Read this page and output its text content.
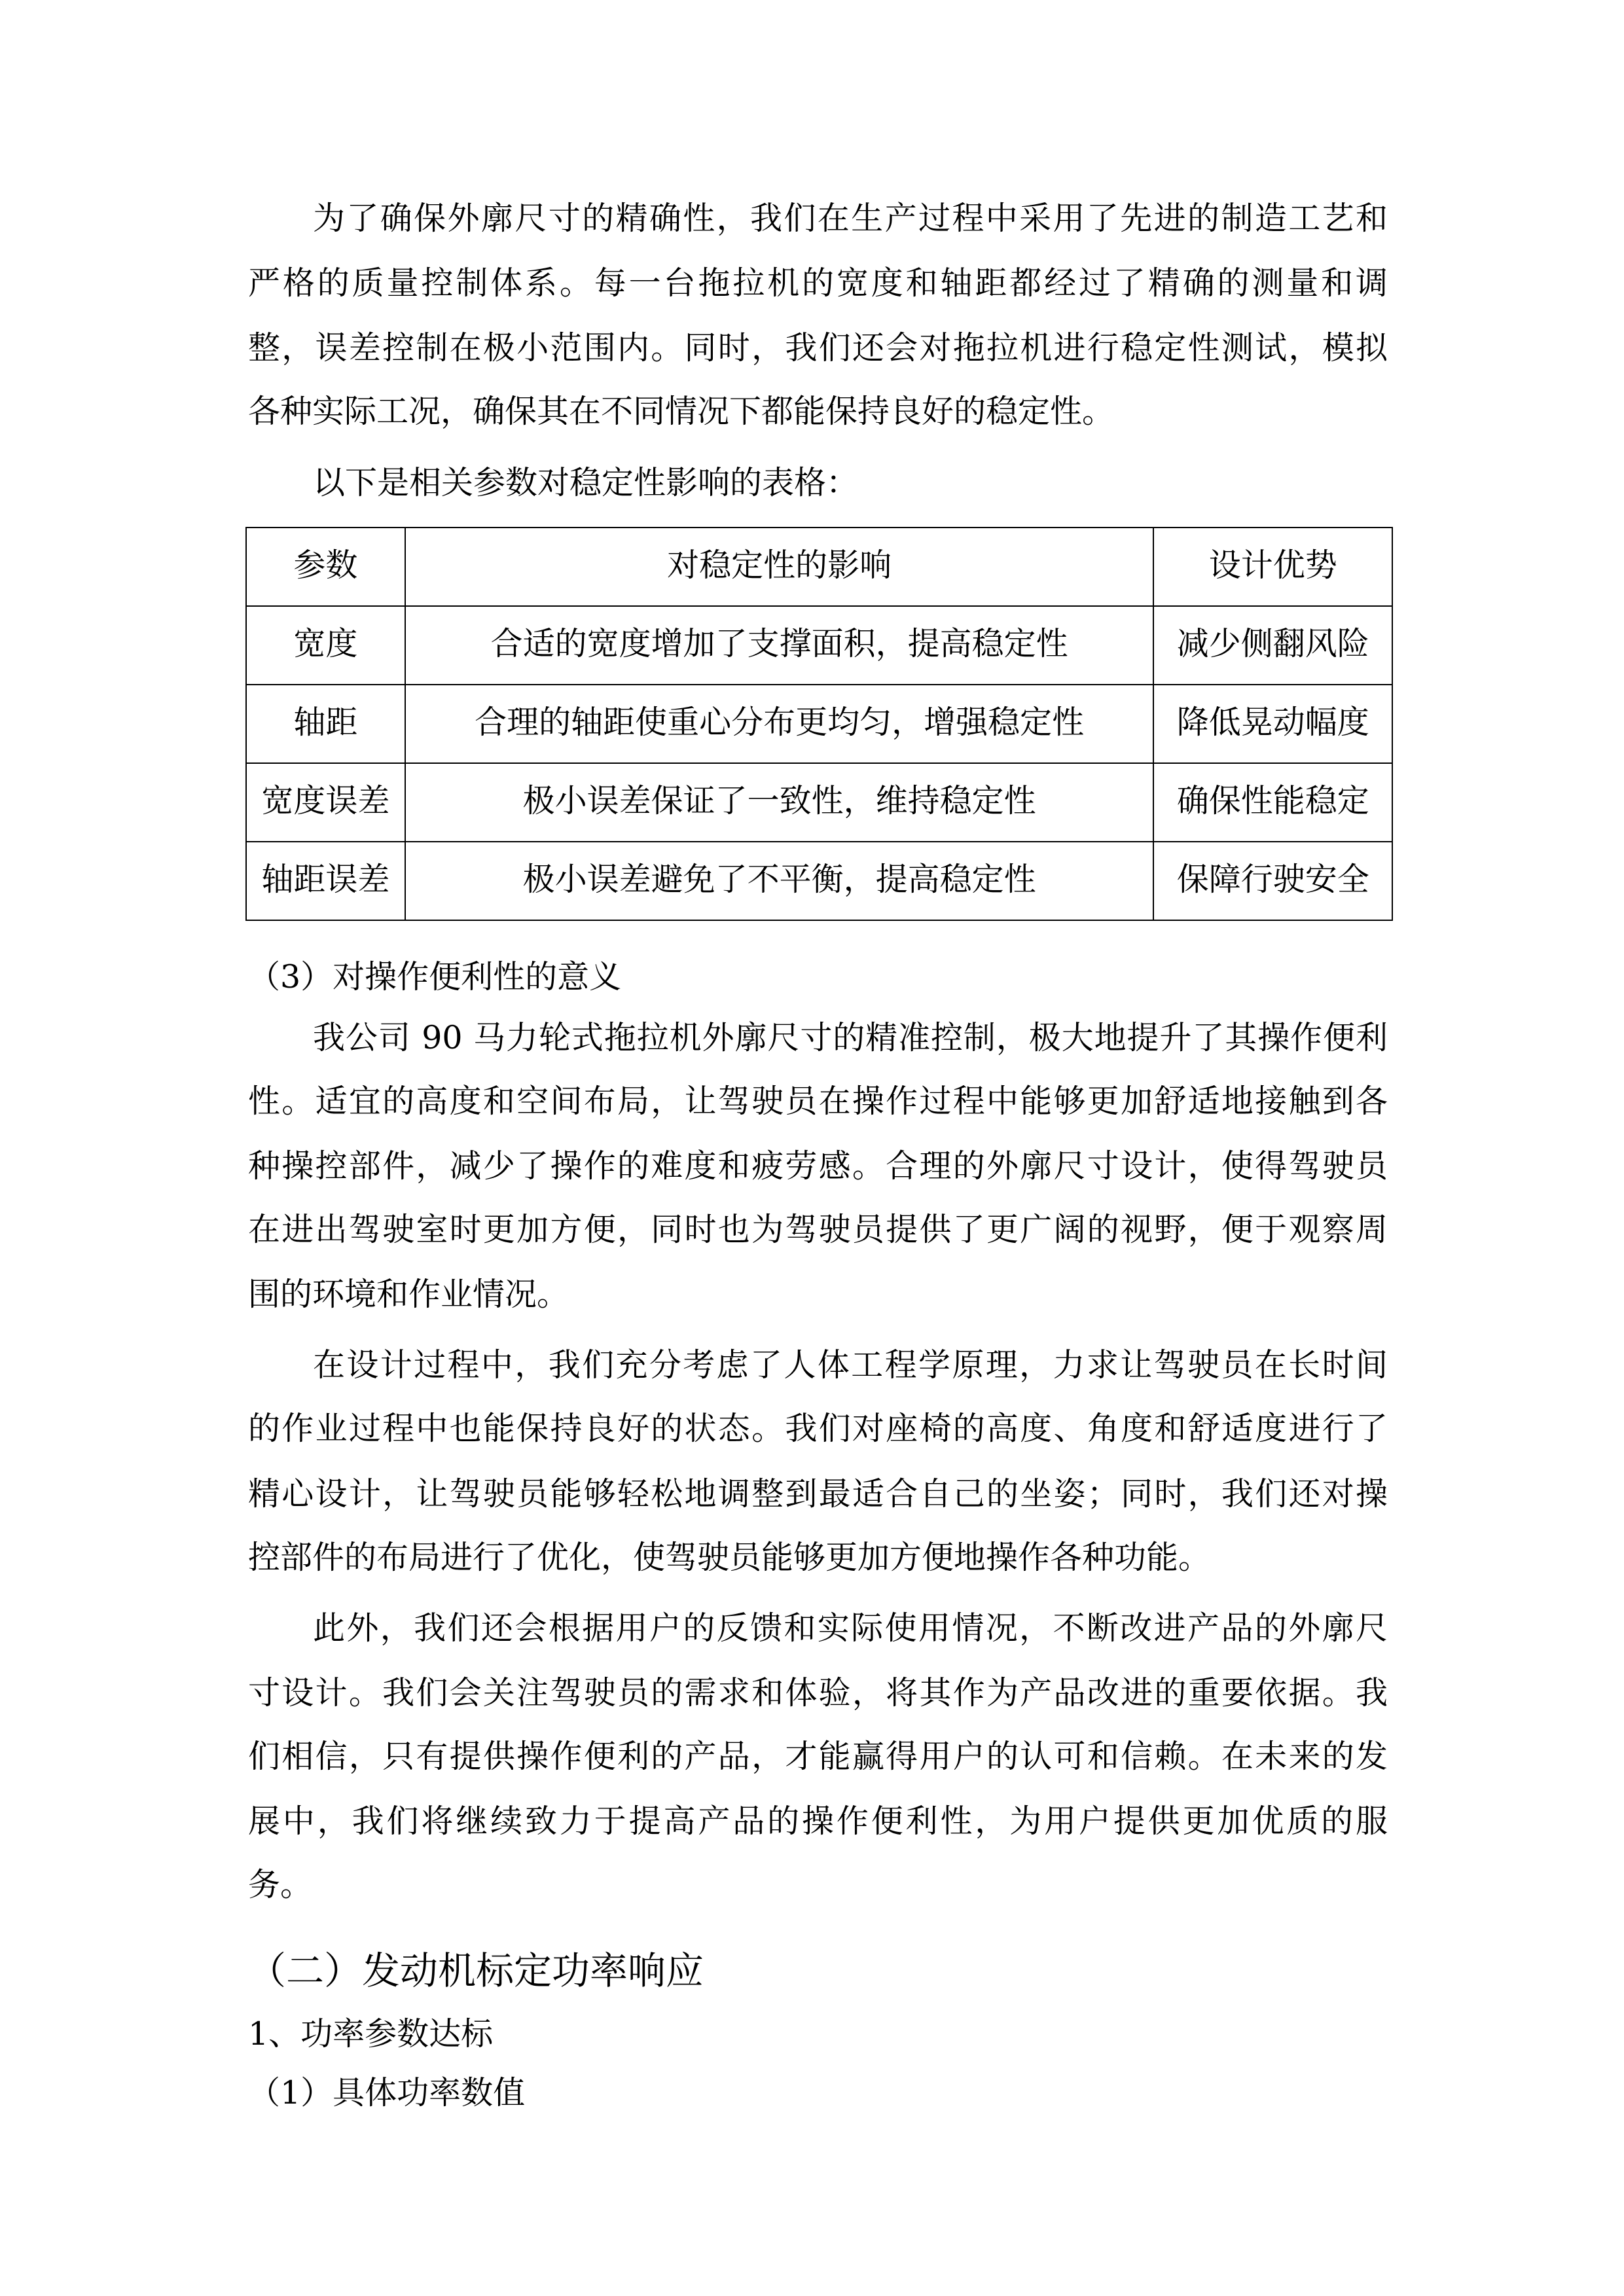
为了确保外廓尺寸的精确性，我们在生产过程中采用了先进的制造工艺和
严格的质量控制体系。每一台拖拉机的宽度和轴距都经过了精确的测量和调
整，误差控制在极小范围内。同时，我们还会对拖拉机进行稳定性测试，模拟
各种实际工况，确保其在不同情况下都能保持良好的稳定性。
以下是相关参数对稳定性影响的表格：
参数	对稳定性的影响	设计优势
宽度	合适的宽度增加了支撑面积，提高稳定性	减少侧翻风险
轴距	合理的轴距使重心分布更均匀，增强稳定性	降低晃动幅度
宽度误差	极小误差保证了一致性，维持稳定性	确保性能稳定
轴距误差	极小误差避免了不平衡，提高稳定性	保障行驶安全
（3）对操作便利性的意义
我公司 90 马力轮式拖拉机外廓尺寸的精准控制，极大地提升了其操作便利
性。适宜的高度和空间布局，让驾驶员在操作过程中能够更加舒适地接触到各
种操控部件，减少了操作的难度和疲劳感。合理的外廓尺寸设计，使得驾驶员
在进出驾驶室时更加方便，同时也为驾驶员提供了更广阔的视野，便于观察周
围的环境和作业情况。
在设计过程中，我们充分考虑了人体工程学原理，力求让驾驶员在长时间
的作业过程中也能保持良好的状态。我们对座椅的高度、角度和舒适度进行了
精心设计，让驾驶员能够轻松地调整到最适合自己的坐姿；同时，我们还对操
控部件的布局进行了优化，使驾驶员能够更加方便地操作各种功能。
此外，我们还会根据用户的反馈和实际使用情况，不断改进产品的外廓尺
寸设计。我们会关注驾驶员的需求和体验，将其作为产品改进的重要依据。我
们相信，只有提供操作便利的产品，才能赢得用户的认可和信赖。在未来的发
展中，我们将继续致力于提高产品的操作便利性，为用户提供更加优质的服
务。
（二）发动机标定功率响应
1、功率参数达标
（1）具体功率数值
